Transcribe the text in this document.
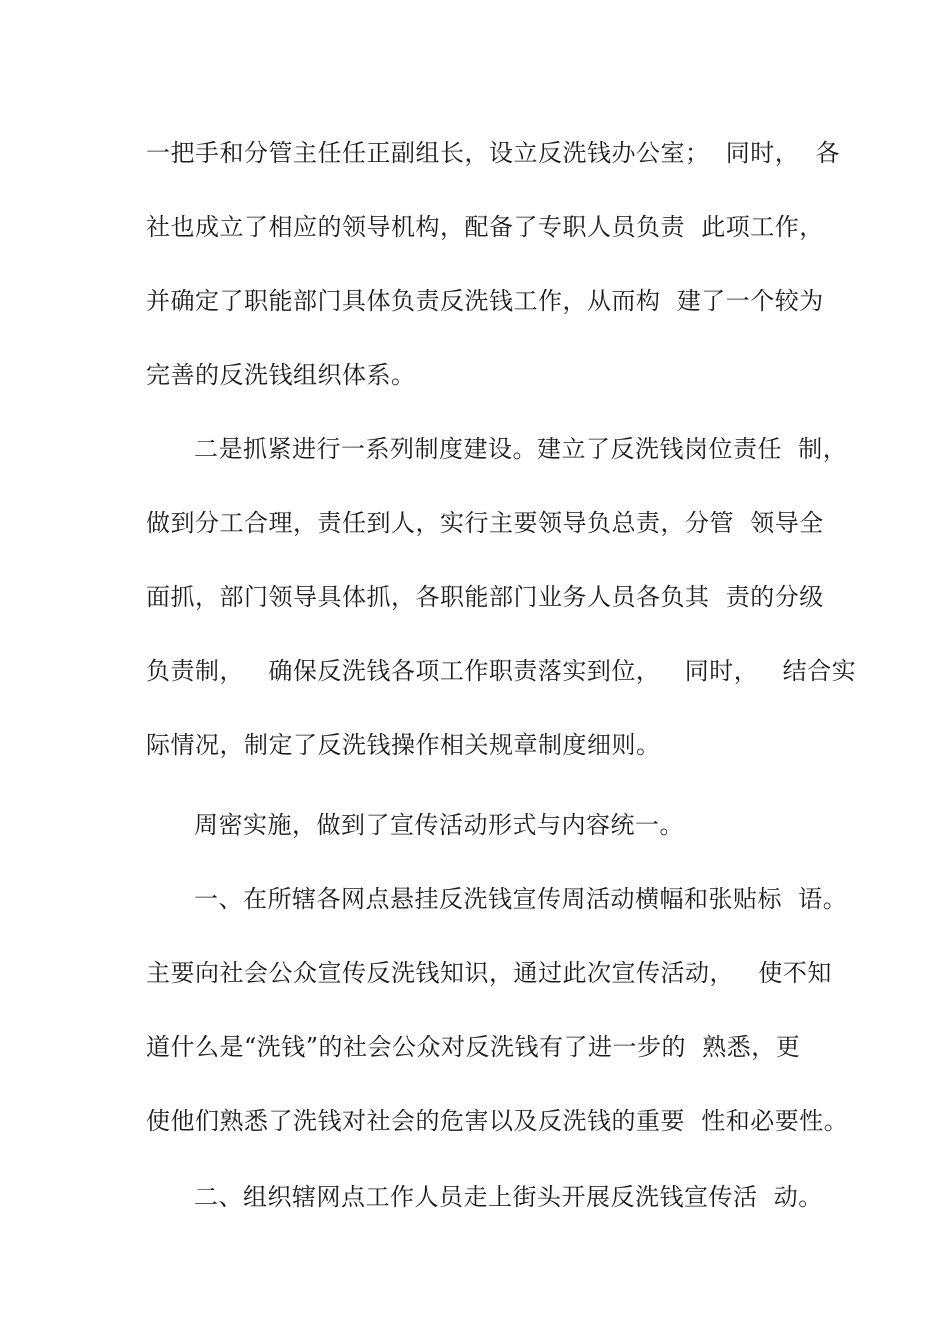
一把手和分管主任任正副组长，设立反洗钱办公室；  同时，  各
社也成立了相应的领导机构，配备了专职人员负责  此项工作，
并确定了职能部门具体负责反洗钱工作，从而构  建了一个较为
完善的反洗钱组织体系。
二是抓紧进行一系列制度建设。建立了反洗钱岗位责任  制，
做到分工合理，责任到人，实行主要领导负总责，分管  领导全
面抓，部门领导具体抓，各职能部门业务人员各负其  责的分级
负责制，   确保反洗钱各项工作职责落实到位，   同时，   结合实
际情况，制定了反洗钱操作相关规章制度细则。
周密实施，做到了宣传活动形式与内容统一。
一、在所辖各网点悬挂反洗钱宣传周活动横幅和张贴标  语。
主要向社会公众宣传反洗钱知识，通过此次宣传活动，   使不知
道什么是“洗钱”的社会公众对反洗钱有了进一步的  熟悉，更
使他们熟悉了洗钱对社会的危害以及反洗钱的重要  性和必要性。
二、组织辖网点工作人员走上街头开展反洗钱宣传活  动。
